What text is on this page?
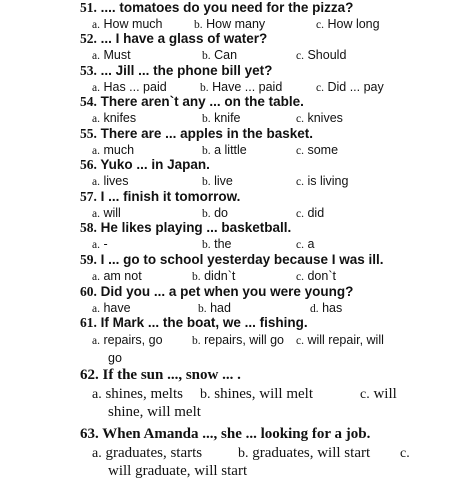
51. .... tomatoes do you need for the pizza?
a. How much	b. How many	c. How long
52. ... I have a glass of water?
a. Must	b. Can	c. Should
53. ... Jill ... the phone bill yet?
a. Has ... paid	b. Have ... paid	c. Did ... pay
54. There aren`t any ... on the table.
a. knifes	b. knife	c. knives
55. There are ... apples in the basket.
a. much	b. a little	c. some
56. Yuko ... in Japan.
a. lives	b. live	c. is living
57. I ... finish it tomorrow.
a. will	b. do	c. did
58. He likes playing ... basketball.
a. -	b. the	c. a
59. I ... go to school yesterday because I was ill.
a. am not	b. didn`t	c. don`t
60. Did you ... a pet when you were young?
a. have	b. had	d. has
61. If Mark ... the boat, we ... fishing.
a. repairs, go	b. repairs, will go c. will repair, will
go
62. If the sun ..., snow ... .
a. shines, melts b. shines, will melt	c. will
shine, will melt
63. When Amanda ..., she ... looking for a job.
a. graduates, starts	b. graduates, will start c.
will graduate, will start
